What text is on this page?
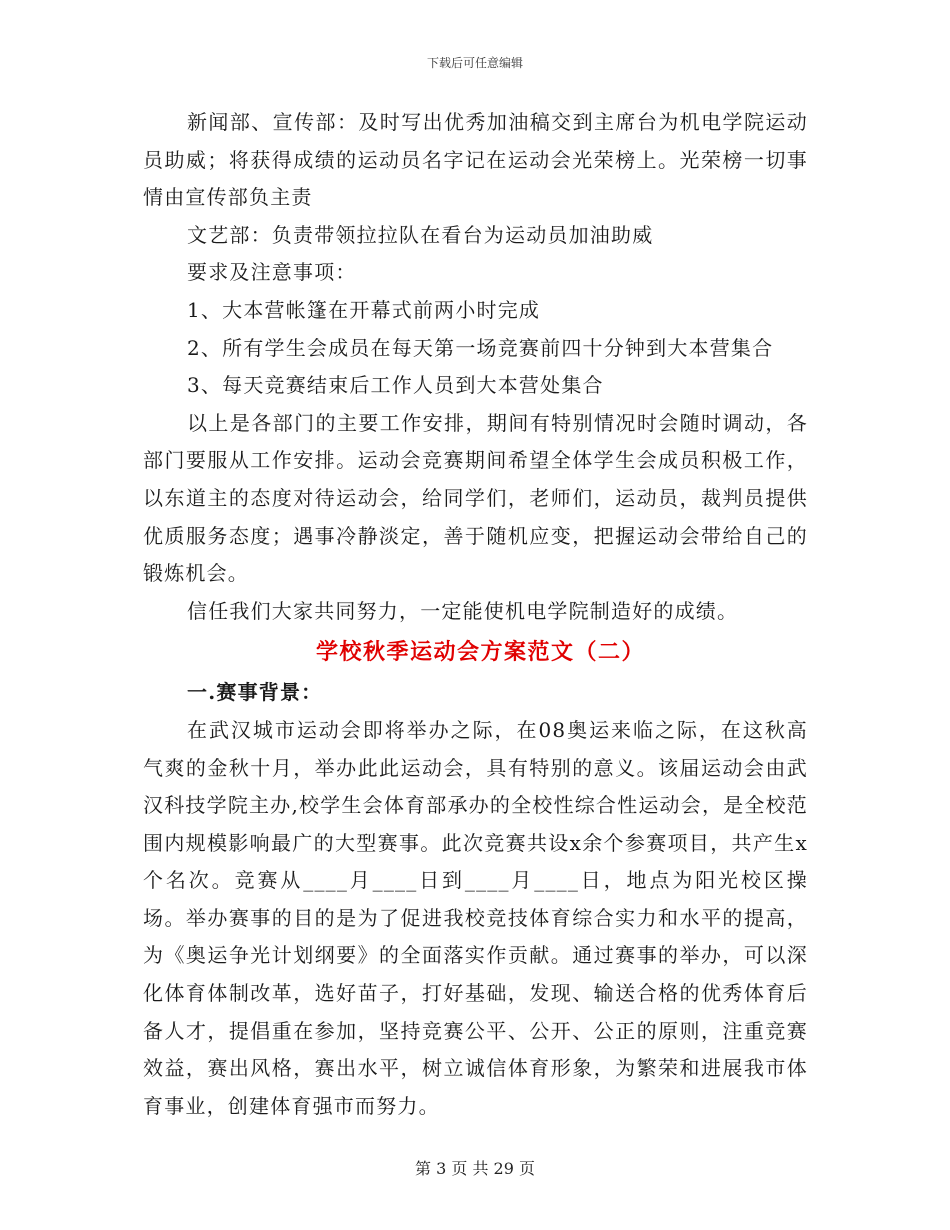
下载后可任意编辑

新闻部、宣传部：及时写出优秀加油稿交到主席台为机电学院运动员助威；将获得成绩的运动员名字记在运动会光荣榜上。光荣榜一切事情由宣传部负主责

文艺部：负责带领拉拉队在看台为运动员加油助威

要求及注意事项：

1、大本营帐篷在开幕式前两小时完成

2、所有学生会成员在每天第一场竞赛前四十分钟到大本营集合

3、每天竞赛结束后工作人员到大本营处集合

以上是各部门的主要工作安排，期间有特别情况时会随时调动，各部门要服从工作安排。运动会竞赛期间希望全体学生会成员积极工作，以东道主的态度对待运动会，给同学们，老师们，运动员，裁判员提供优质服务态度；遇事冷静淡定，善于随机应变，把握运动会带给自己的锻炼机会。

信任我们大家共同努力，一定能使机电学院制造好的成绩。

学校秋季运动会方案范文（二）

一.赛事背景：

在武汉城市运动会即将举办之际，在08奥运来临之际，在这秋高气爽的金秋十月，举办此此运动会，具有特别的意义。该届运动会由武汉科技学院主办,校学生会体育部承办的全校性综合性运动会，是全校范围内规模影响最广的大型赛事。此次竞赛共设x余个参赛项目，共产生x个名次。竞赛从____月____日到____月____日，地点为阳光校区操场。举办赛事的目的是为了促进我校竞技体育综合实力和水平的提高，为《奥运争光计划纲要》的全面落实作贡献。通过赛事的举办，可以深化体育体制改革，选好苗子，打好基础，发现、输送合格的优秀体育后备人才，提倡重在参加，坚持竞赛公平、公开、公正的原则，注重竞赛效益，赛出风格，赛出水平，树立诚信体育形象，为繁荣和进展我市体育事业，创建体育强市而努力。

第 3 页 共 29 页
